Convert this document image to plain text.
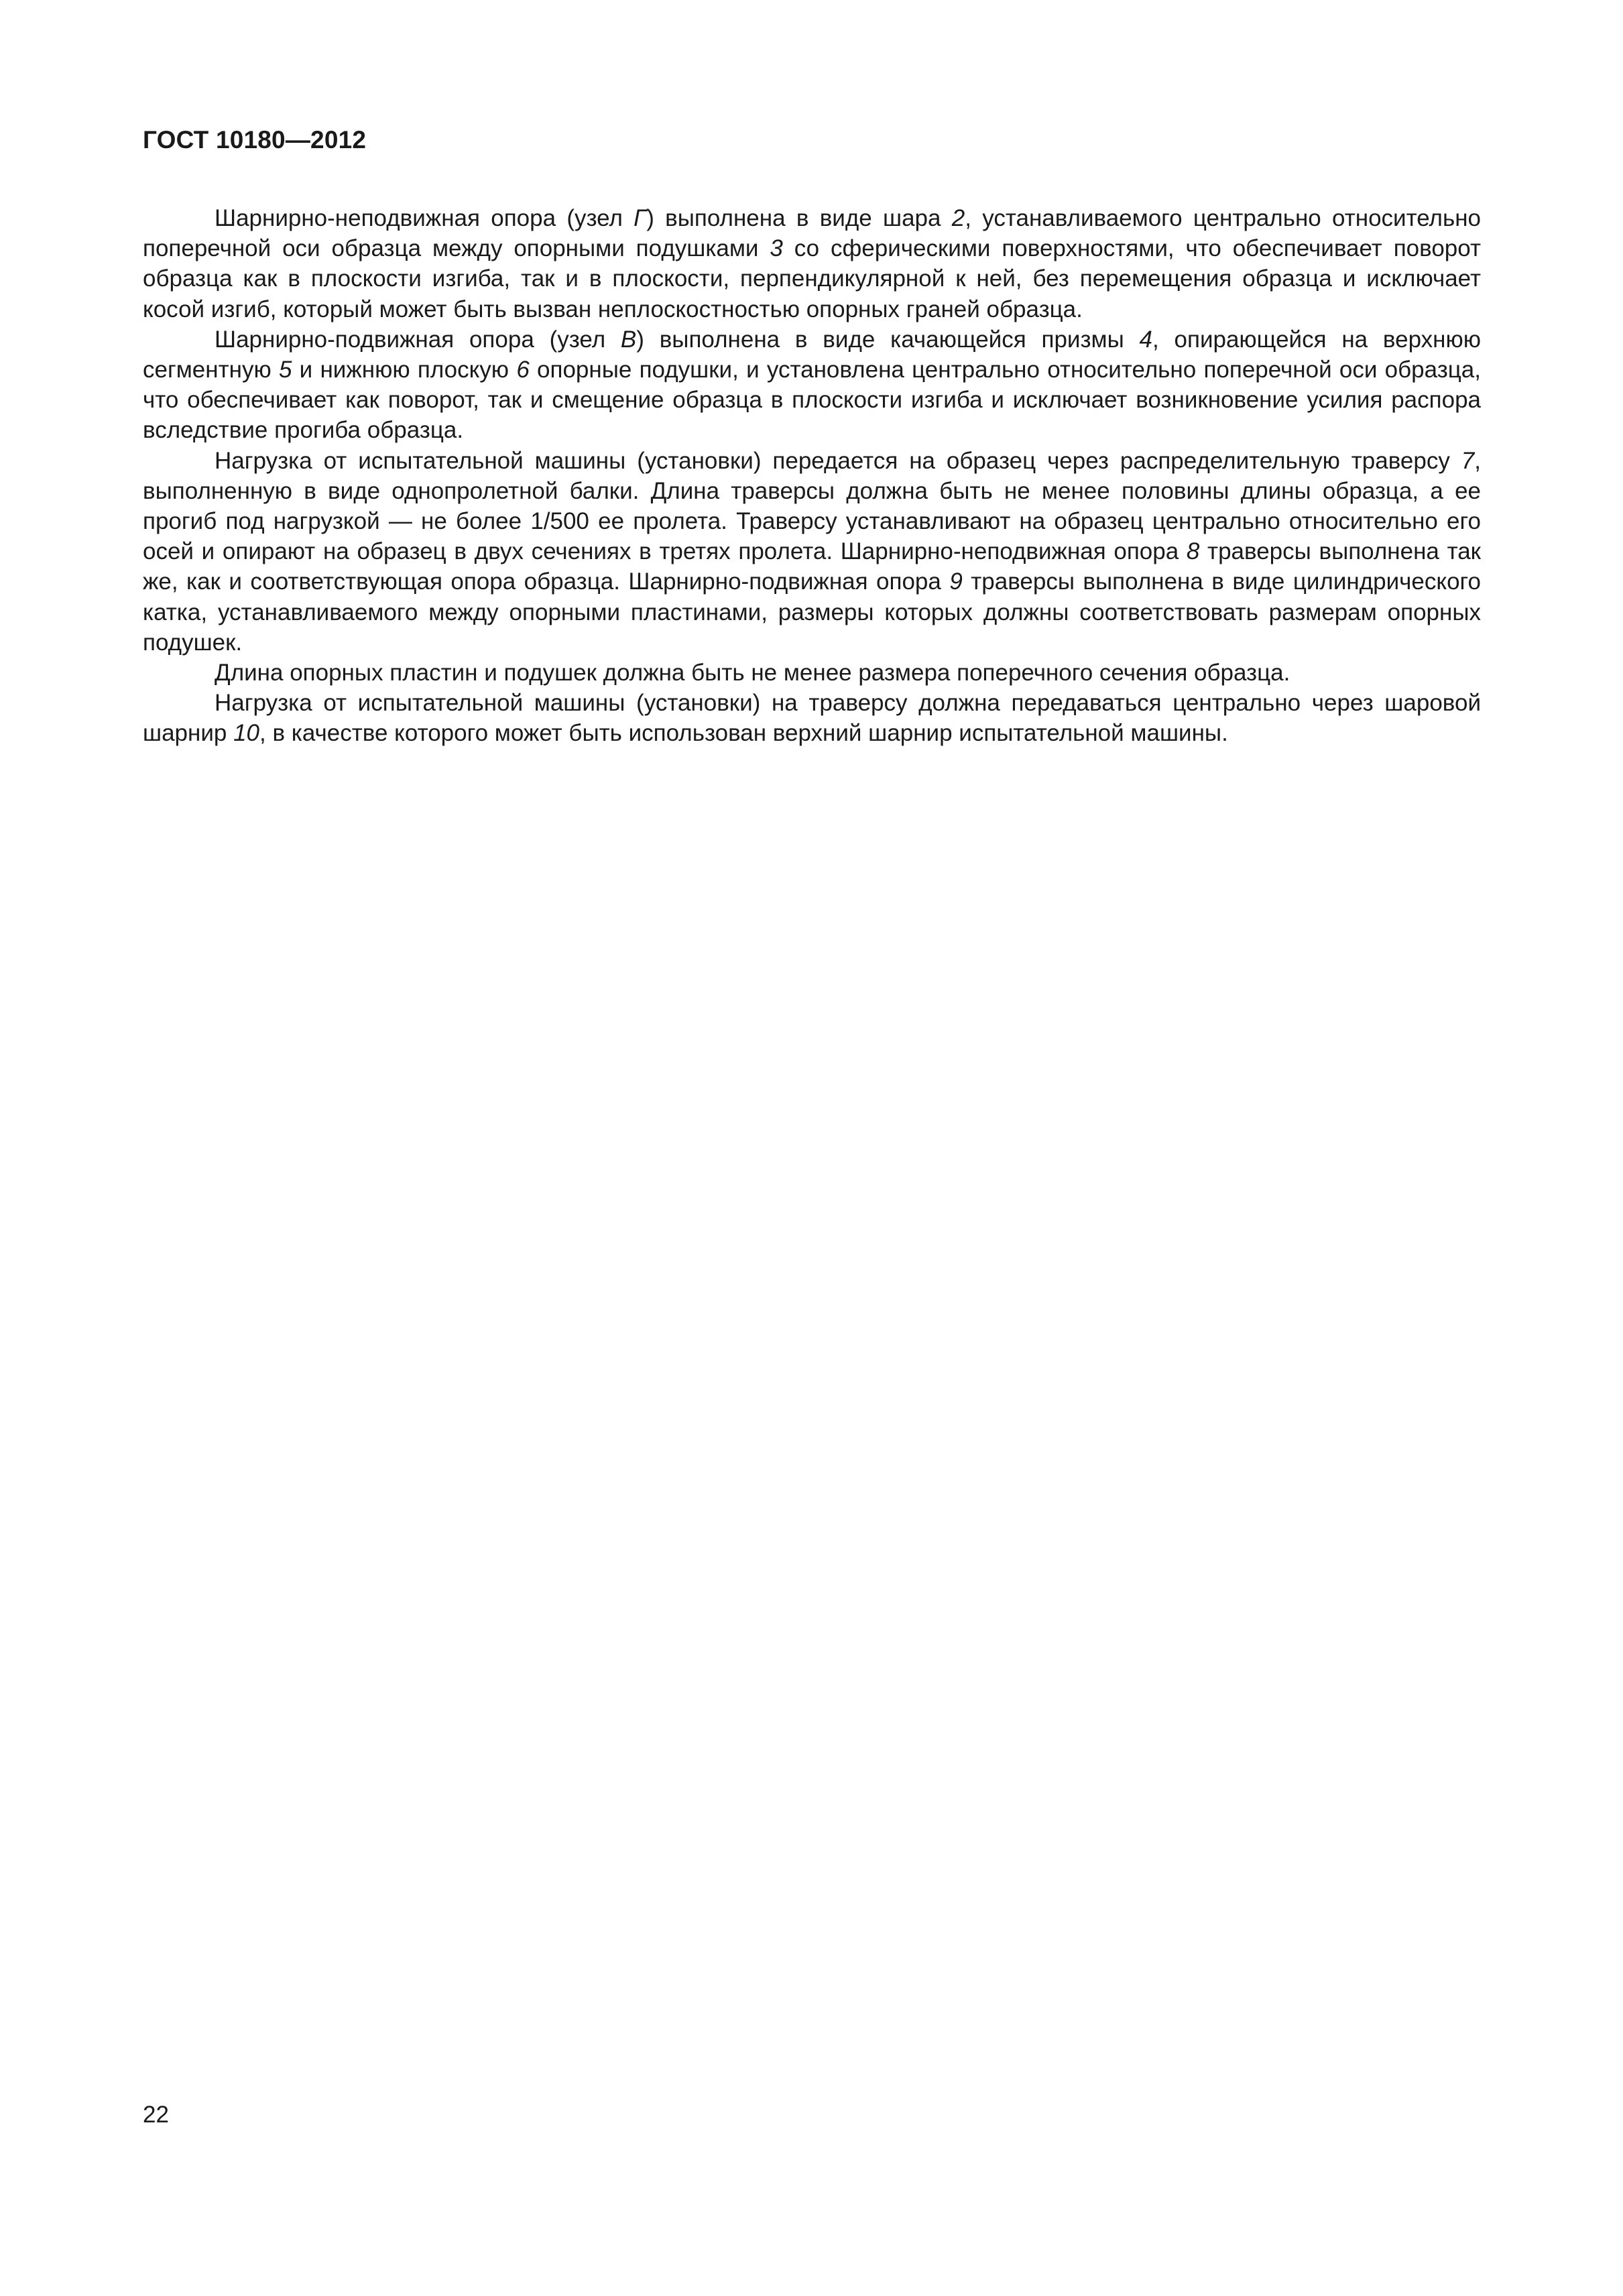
ГОСТ 10180—2012

Шарнирно-неподвижная опора (узел Г) выполнена в виде шара 2, устанавливаемого центрально относительно поперечной оси образца между опорными подушками 3 со сферическими поверхностями, что обеспечивает поворот образца как в плоскости изгиба, так и в плоскости, перпендикулярной к ней, без перемещения образца и исключает косой изгиб, который может быть вызван неплоскостностью опорных граней образца.

Шарнирно-подвижная опора (узел В) выполнена в виде качающейся призмы 4, опирающейся на верхнюю сегментную 5 и нижнюю плоскую 6 опорные подушки, и установлена центрально относительно поперечной оси образца, что обеспечивает как поворот, так и смещение образца в плоскости изгиба и исключает возникновение усилия распора вследствие прогиба образца.

Нагрузка от испытательной машины (установки) передается на образец через распределительную траверсу 7, выполненную в виде однопролетной балки. Длина траверсы должна быть не менее половины длины образца, а ее прогиб под нагрузкой — не более 1/500 ее пролета. Траверсу устанавливают на образец центрально относительно его осей и опирают на образец в двух сечениях в третях пролета. Шарнирно-неподвижная опора 8 траверсы выполнена так же, как и соответствующая опора образца. Шарнирно-подвижная опора 9 траверсы выполнена в виде цилиндрического катка, устанавливаемого между опорными пластинами, размеры которых должны соответствовать размерам опорных подушек.

Длина опорных пластин и подушек должна быть не менее размера поперечного сечения образца.

Нагрузка от испытательной машины (установки) на траверсу должна передаваться центрально через шаровой шарнир 10, в качестве которого может быть использован верхний шарнир испытательной машины.

22
